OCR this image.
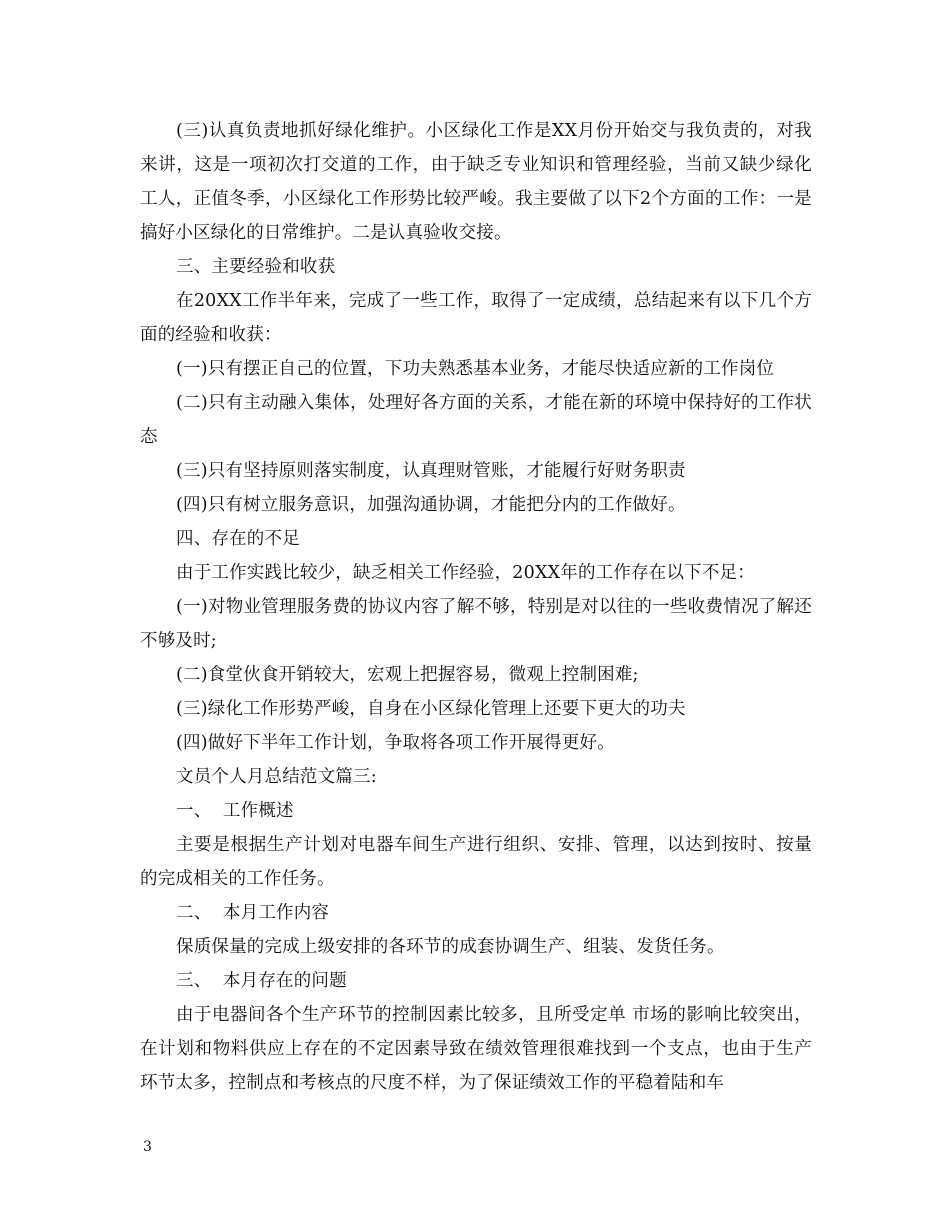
(三)认真负责地抓好绿化维护。小区绿化工作是XX月份开始交与我负责的，对我来讲，这是一项初次打交道的工作，由于缺乏专业知识和管理经验，当前又缺少绿化工人，正值冬季，小区绿化工作形势比较严峻。我主要做了以下2个方面的工作：一是搞好小区绿化的日常维护。二是认真验收交接。

三、主要经验和收获

在20XX工作半年来，完成了一些工作，取得了一定成绩，总结起来有以下几个方面的经验和收获：

(一)只有摆正自己的位置，下功夫熟悉基本业务，才能尽快适应新的工作岗位

(二)只有主动融入集体，处理好各方面的关系，才能在新的环境中保持好的工作状态

(三)只有坚持原则落实制度，认真理财管账，才能履行好财务职责

(四)只有树立服务意识，加强沟通协调，才能把分内的工作做好。

四、存在的不足

由于工作实践比较少，缺乏相关工作经验，20XX年的工作存在以下不足：

(一)对物业管理服务费的协议内容了解不够，特别是对以往的一些收费情况了解还不够及时;

(二)食堂伙食开销较大，宏观上把握容易，微观上控制困难;

(三)绿化工作形势严峻，自身在小区绿化管理上还要下更大的功夫

(四)做好下半年工作计划，争取将各项工作开展得更好。

文员个人月总结范文篇三:

一、  工作概述

主要是根据生产计划对电器车间生产进行组织、安排、管理，以达到按时、按量的完成相关的工作任务。

二、  本月工作内容

保质保量的完成上级安排的各环节的成套协调生产、组装、发货任务。

三、  本月存在的问题

由于电器间各个生产环节的控制因素比较多，且所受定单 市场的影响比较突出，在计划和物料供应上存在的不定因素导致在绩效管理很难找到一个支点，也由于生产环节太多，控制点和考核点的尺度不样，为了保证绩效工作的平稳着陆和车

3
